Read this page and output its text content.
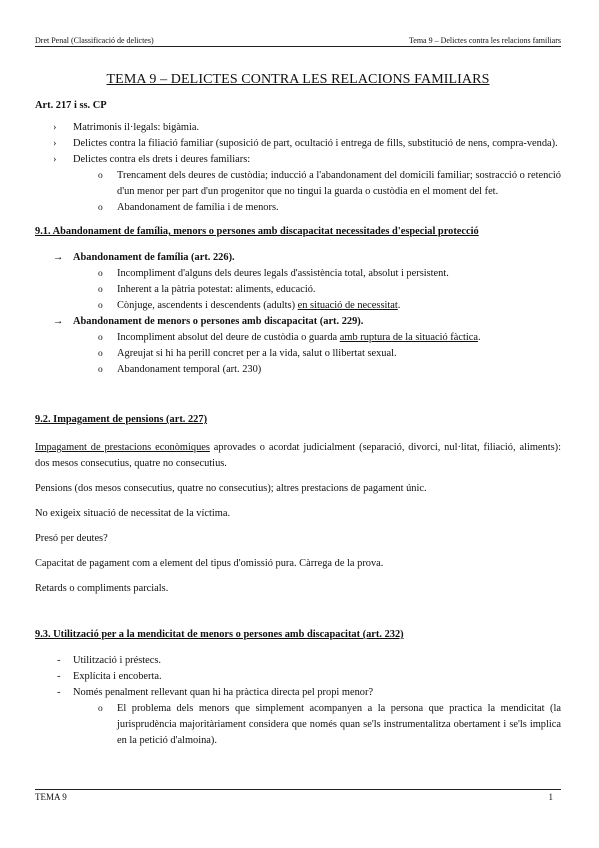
Dret Penal (Classificació de delictes)	Tema 9 – Delictes contra les relacions familiars
TEMA 9 – DELICTES CONTRA LES RELACIONS FAMILIARS

Art. 217 i ss. CP

› Matrimonis il·legals: bigàmia.
› Delictes contra la filiació familiar (suposició de part, ocultació i entrega de fills, substitució de nens, compra-venda).
› Delictes contra els drets i deures familiars:
o Trencament dels deures de custòdia; inducció a l'abandonament del domicili familiar; sostracció o retenció d'un menor per part d'un progenitor que no tingui la guarda o custòdia en el moment del fet.
o Abandonament de família i de menors.

9.1. Abandonament de família, menors o persones amb discapacitat necessitades d'especial protecció

→ Abandonament de família (art. 226).
o Incompliment d'alguns dels deures legals d'assistència total, absolut i persistent.
o Inherent a la pàtria potestat: aliments, educació.
o Cònjuge, ascendents i descendents (adults) en situació de necessitat.
→ Abandonament de menors o persones amb discapacitat (art. 229).
o Incompliment absolut del deure de custòdia o guarda amb ruptura de la situació fàctica.
o Agreujat si hi ha perill concret per a la vida, salut o llibertat sexual.
o Abandonament temporal (art. 230)

9.2. Impagament de pensions (art. 227)

Impagament de prestacions econòmiques aprovades o acordat judicialment (separació, divorci, nul·litat, filiació, aliments): dos mesos consecutius, quatre no consecutius.

Pensions (dos mesos consecutius, quatre no consecutius); altres prestacions de pagament únic.

No exigeix situació de necessitat de la víctima.

Presó per deutes?

Capacitat de pagament com a element del tipus d'omissió pura. Càrrega de la prova.

Retards o compliments parcials.

9.3. Utilització per a la mendicitat de menors o persones amb discapacitat (art. 232)

- Utilització i préstecs.
- Explícita i encoberta.
- Només penalment rellevant quan hi ha pràctica directa pel propi menor?
o El problema dels menors que simplement acompanyen a la persona que practica la mendicitat (la jurisprudència majoritàriament considera que només quan se'ls instrumentalitza obertament i se'ls implica en la petició d'almoina).
TEMA 9	1
